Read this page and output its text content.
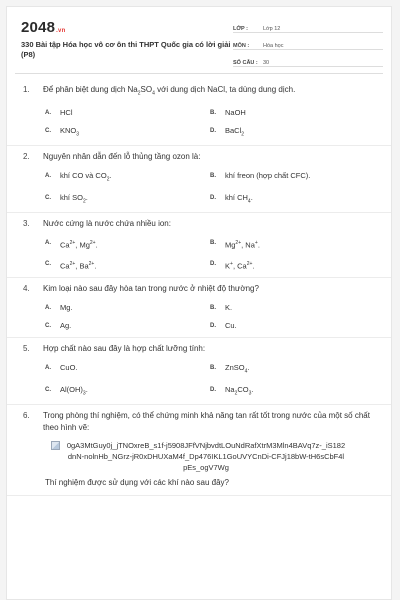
2048.vn
330 Bài tập Hóa học vô cơ ôn thi THPT Quốc gia có lời giải (P8)
LỚP :	Lớp 12
MÔN :	Hóa học
SỐ CÂU : 30
1.	Để phân biệt dung dịch $Na_2SO_4$ với dung dịch NaCl, ta dùng dung dịch.
A.	HCl	B.	NaOH
C.	$KNO_3$
D.	BaCl$_2$
2.	Nguyên nhân dẫn đến lỗ thủng tầng ozon là:
A.	khí CO và $CO_2$.	B.	khí freon (hợp chất CFC).
C.	khí $SO_2$.	D.	khí $CH_4$.
3.	Nước cứng là nước chứa nhiều ion:
A.	$Ca^{2+}$, $Mg^{2+}$.	B.	$Mg^{2+}$, Na+.
C.	$Ca^{2+}$, $Ba^{2+}$.	D.	K+, $Ca^{2+}$.
4.	Kim loại nào sau đây hòa tan trong nước ở nhiệt độ thường?
A.	Mg.	B.	K.
C.	Ag.	D.	Cu.
5.	Hợp chất nào sau đây là hợp chất lưỡng tính:
A.	CuO.	B.	ZnSO$_4$.
C.	$Al(OH)_3$.	D.	$Na_2CO_3$.
6.	Trong phòng thí nghiệm, có thể chứng minh khả năng tan rất tốt trong nước của một số chất theo hình vẽ:
0gA3MtGuy0j_jTNOxreB_s1f-j5908JFfVNjbvdtLOuNdRafXtrM3Mln4BAVq7z-_iS182dnN-nolnHb_NGrz-jR0xDHUXaM4f_Dp476IKL1GoUVYCnDi-CFJj18bW-tH6sCbF4lpEs_ogV7Wg
Thí nghiệm được sử dụng với các khí nào sau đây?
